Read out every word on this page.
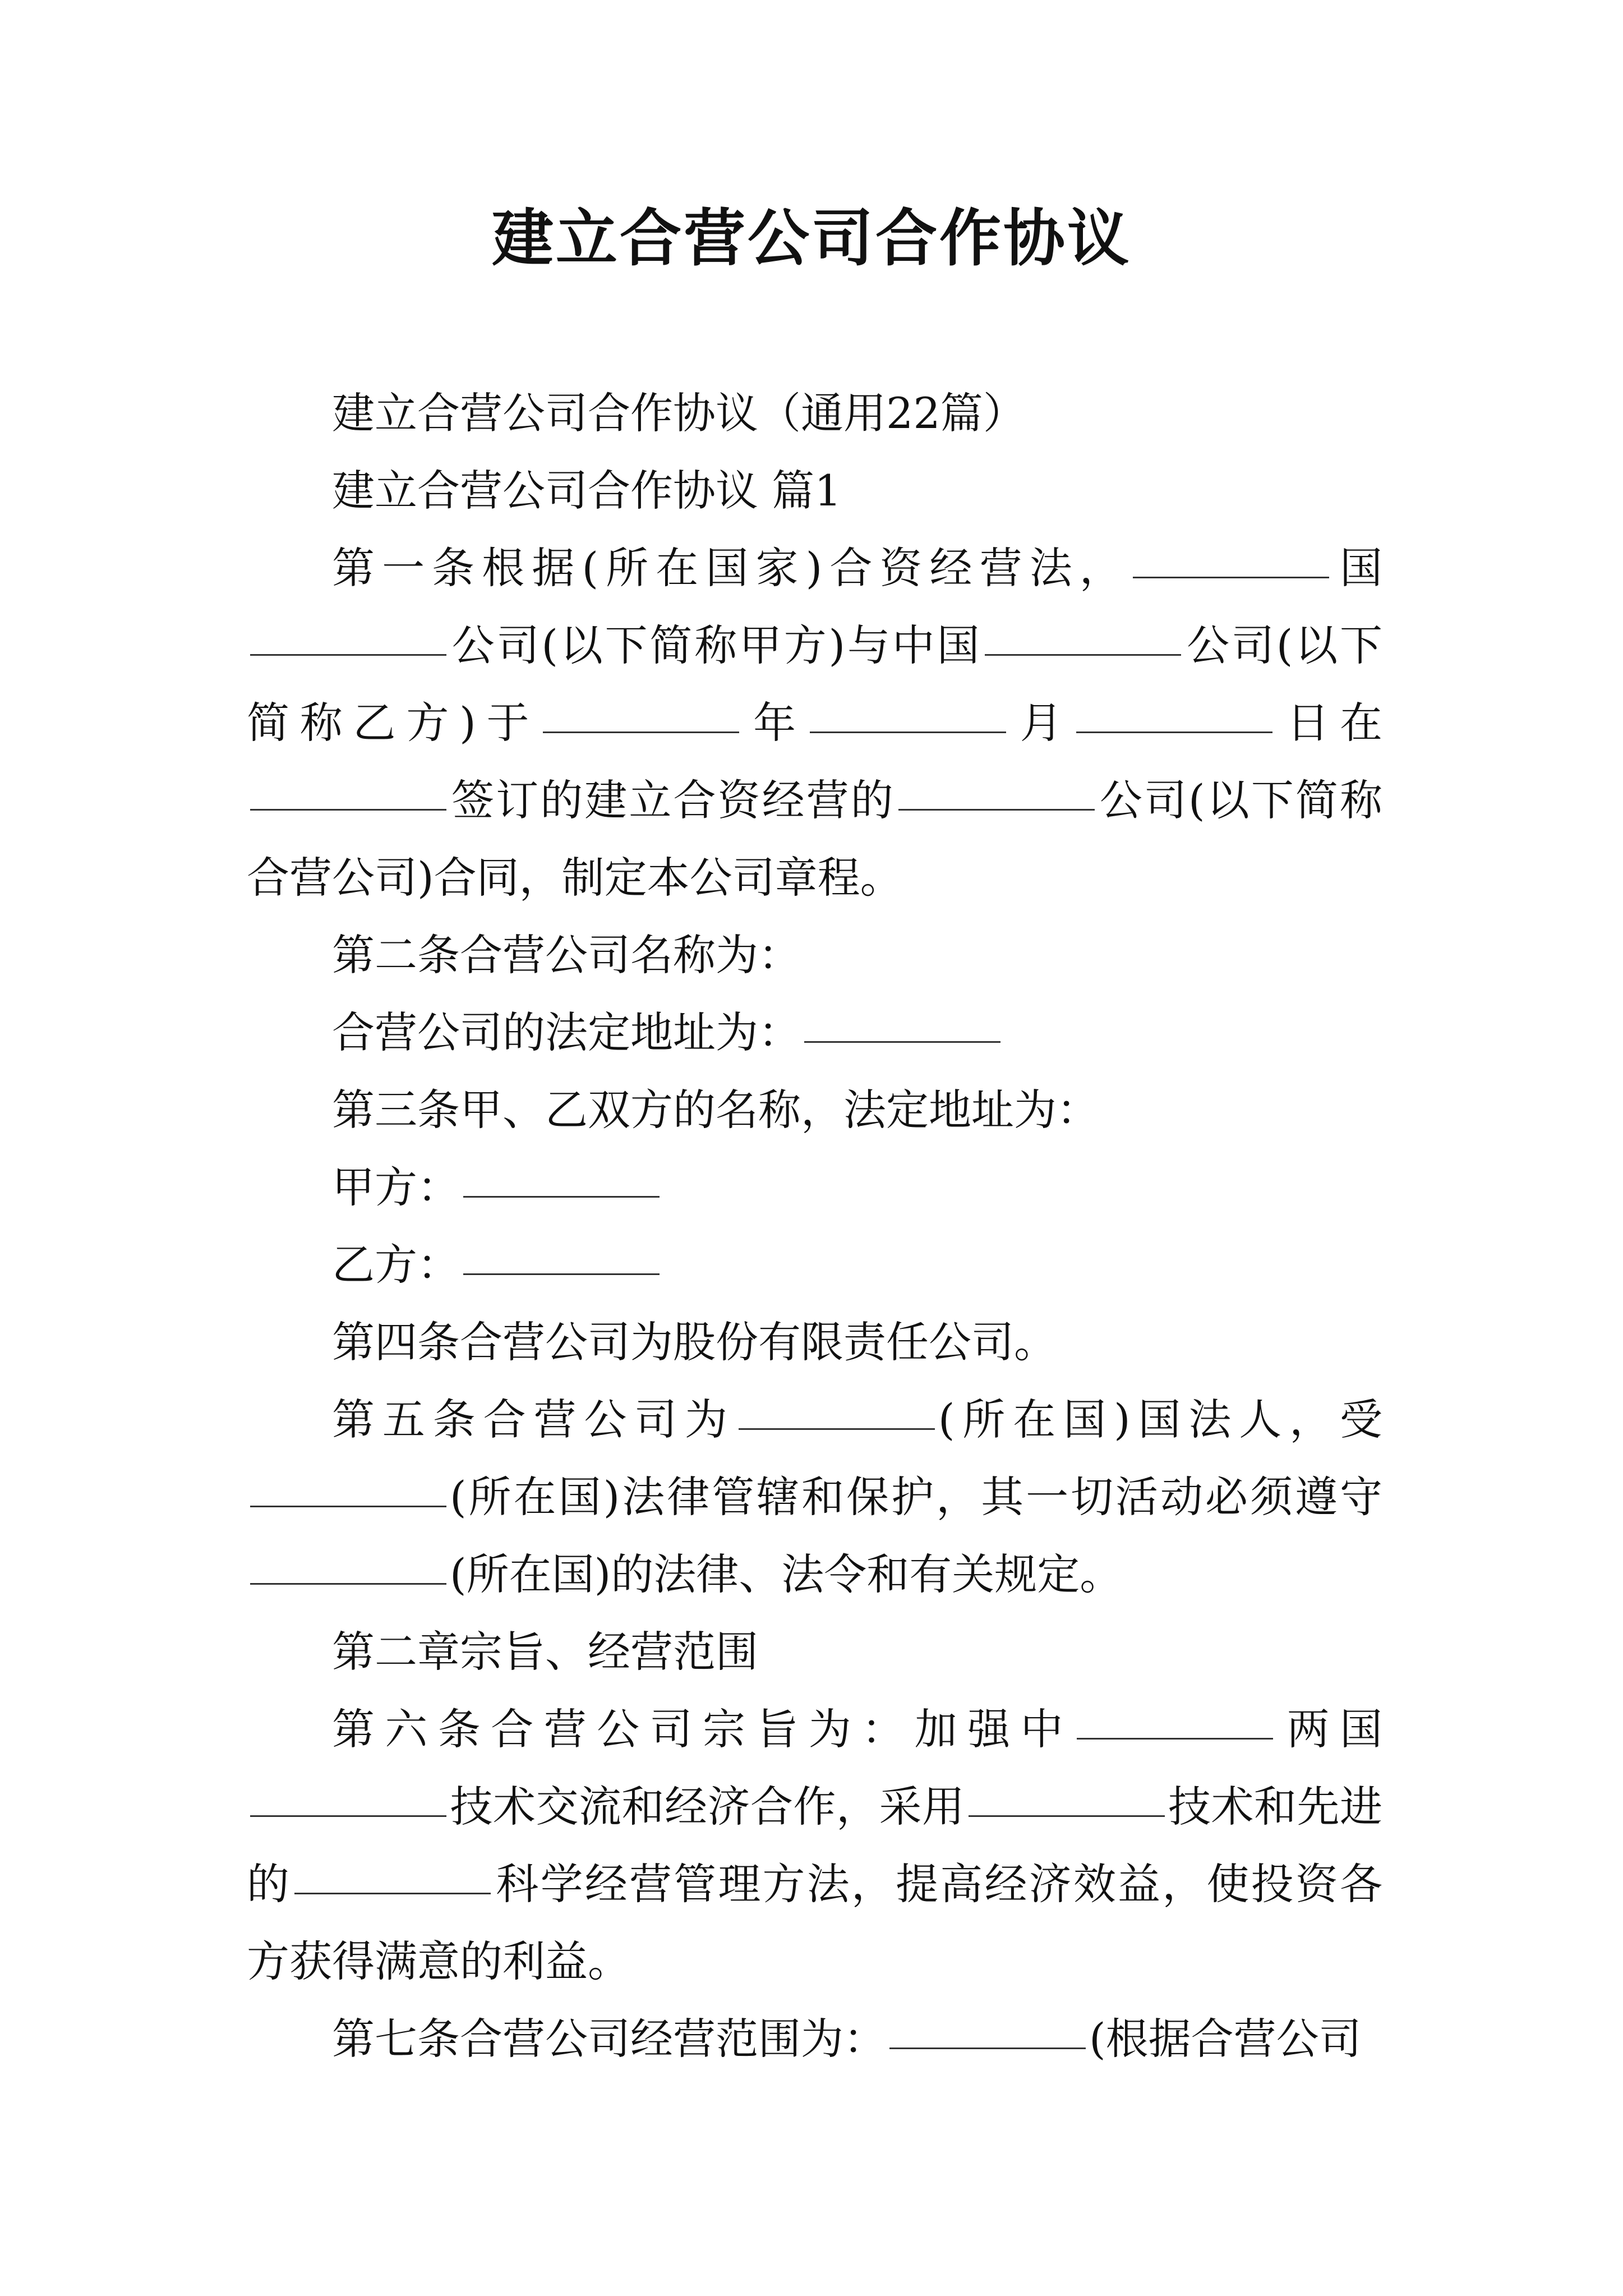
建立合营公司合作协议

建立合营公司合作协议（通用22篇）

建立合营公司合作协议 篇1

第一条根据(所在国家)合资经营法，	国公司(以下简称甲方)与中国	公司(以下简称乙方)于	年	月	日在签订的建立合资经营的	公司(以下简称合营公司)合同，制定本公司章程。

第二条合营公司名称为：

合营公司的法定地址为：

第三条甲、乙双方的名称，法定地址为：

甲方：

乙方：

第四条合营公司为股份有限责任公司。

第五条合营公司为	(所在国)国法人，受(所在国)法律管辖和保护，其一切活动必须遵守(所在国)的法律、法令和有关规定。

第二章宗旨、经营范围

第六条合营公司宗旨为：加强中	两国技术交流和经济合作，采用	技术和先进的	科学经营管理方法，提高经济效益，使投资各方获得满意的利益。

第七条合营公司经营范围为：	(根据合营公司
